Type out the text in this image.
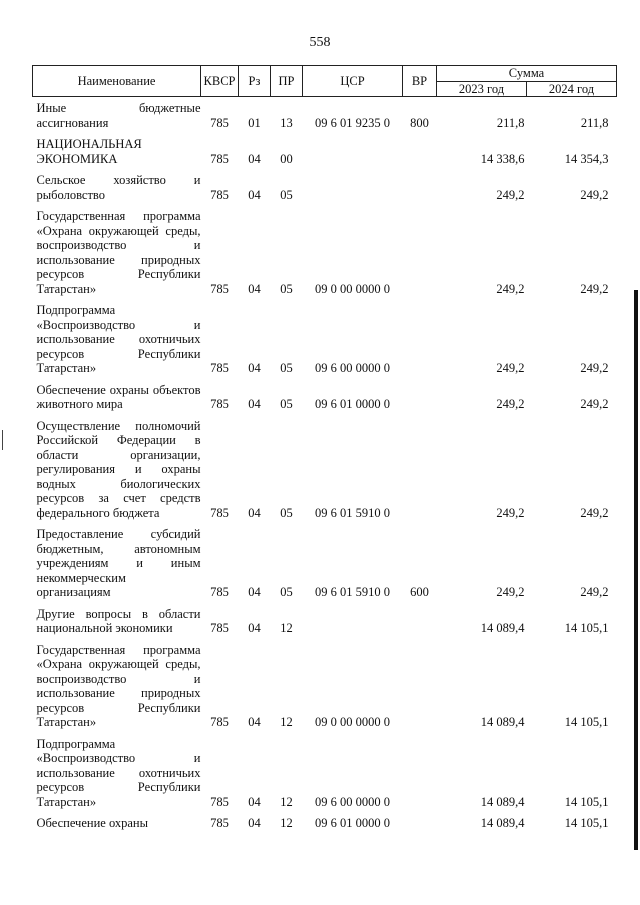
558
Наименование	КВСР	Рз	ПР	ЦСР	ВР	Сумма	
						2023 год	2024 год
Иные бюджетные ассигнования	785	01	13	09 6 01 9235 0	800	211,8	211,8
НАЦИОНАЛЬНАЯ ЭКОНОМИКА	785	04	00			14 338,6	14 354,3
Сельское хозяйство и рыболовство	785	04	05			249,2	249,2
Государственная программа «Охрана окружающей среды, воспроизводство и использование природных ресурсов Республики Татарстан»	785	04	05	09 0 00 0000 0		249,2	249,2
Подпрограмма «Воспроизводство и использование охотничьих ресурсов Республики Татарстан»	785	04	05	09 6 00 0000 0		249,2	249,2
Обеспечение охраны объектов животного мира	785	04	05	09 6 01 0000 0		249,2	249,2
Осуществление полномочий Российской Федерации в области организации, регулирования и охраны водных биологических ресурсов за счет средств федерального бюджета	785	04	05	09 6 01 5910 0		249,2	249,2
Предоставление субсидий бюджетным, автономным учреждениям и иным некоммерческим организациям	785	04	05	09 6 01 5910 0	600	249,2	249,2
Другие вопросы в области национальной экономики	785	04	12			14 089,4	14 105,1
Государственная программа «Охрана окружающей среды, воспроизводство и использование природных ресурсов Республики Татарстан»	785	04	12	09 0 00 0000 0		14 089,4	14 105,1
Подпрограмма «Воспроизводство и использование охотничьих ресурсов Республики Татарстан»	785	04	12	09 6 00 0000 0		14 089,4	14 105,1
Обеспечение охраны	785	04	12	09 6 01 0000 0		14 089,4	14 105,1
